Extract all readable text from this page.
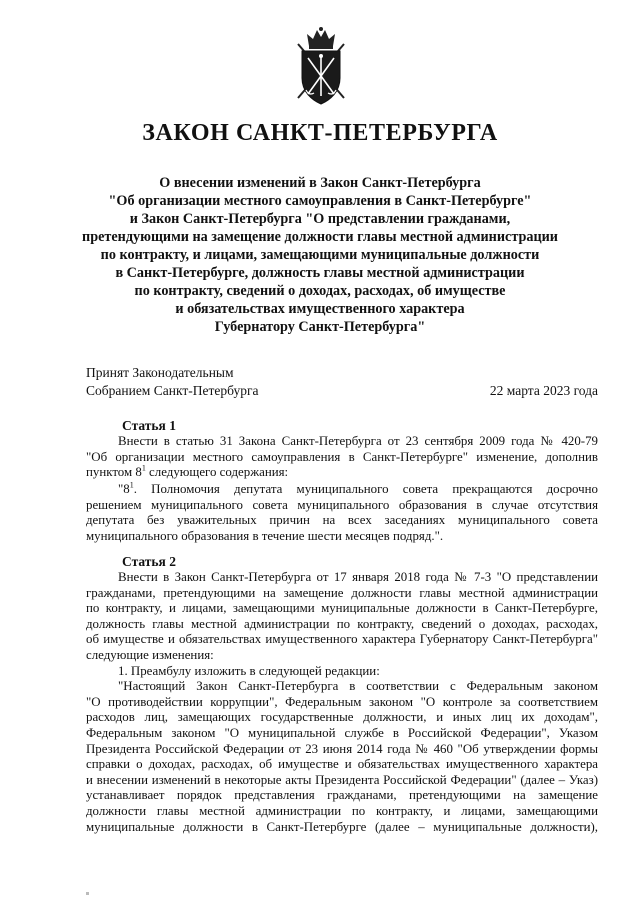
ЗАКОН САНКТ-ПЕТЕРБУРГА
О внесении изменений в Закон Санкт-Петербурга
"Об организации местного самоуправления в Санкт-Петербурге"
и Закон Санкт-Петербурга "О представлении гражданами,
претендующими на замещение должности главы местной администрации
по контракту, и лицами, замещающими муниципальные должности
в Санкт-Петербурге, должность главы местной администрации
по контракту, сведений о доходах, расходах, об имуществе
и обязательствах имущественного характера
Губернатору Санкт-Петербурга"
Принят Законодательным
Собранием Санкт-Петербурга	22 марта 2023 года
Статья 1
Внести в статью 31 Закона Санкт-Петербурга от 23 сентября 2009 года № 420-79
"Об организации местного самоуправления в Санкт-Петербурге" изменение, дополнив
пунктом $8^1$ следующего содержания:
"$8^1$. Полномочия депутата муниципального совета прекращаются досрочно
решением муниципального совета муниципального образования в случае отсутствия
депутата без уважительных причин на всех заседаниях муниципального совета
муниципального образования в течение шести месяцев подряд.".
Статья 2
Внести в Закон Санкт-Петербурга от 17 января 2018 года № 7-3 "О представлении
гражданами, претендующими на замещение должности главы местной администрации
по контракту, и лицами, замещающими муниципальные должности в Санкт-Петербурге,
должность главы местной администрации по контракту, сведений о доходах, расходах,
об имуществе и обязательствах имущественного характера Губернатору Санкт-Петербурга"
следующие изменения:
1. Преамбулу изложить в следующей редакции:
"Настоящий Закон Санкт-Петербурга в соответствии с Федеральным законом
"О противодействии коррупции", Федеральным законом "О контроле за соответствием
расходов лиц, замещающих государственные должности, и иных лиц их доходам",
Федеральным законом "О муниципальной службе в Российской Федерации", Указом
Президента Российской Федерации от 23 июня 2014 года № 460 "Об утверждении формы
справки о доходах, расходах, об имуществе и обязательствах имущественного характера
и внесении изменений в некоторые акты Президента Российской Федерации" (далее – Указ)
устанавливает порядок представления гражданами, претендующими на замещение
должности главы местной администрации по контракту, и лицами, замещающими
муниципальные должности в Санкт-Петербурге (далее – муниципальные должности),
